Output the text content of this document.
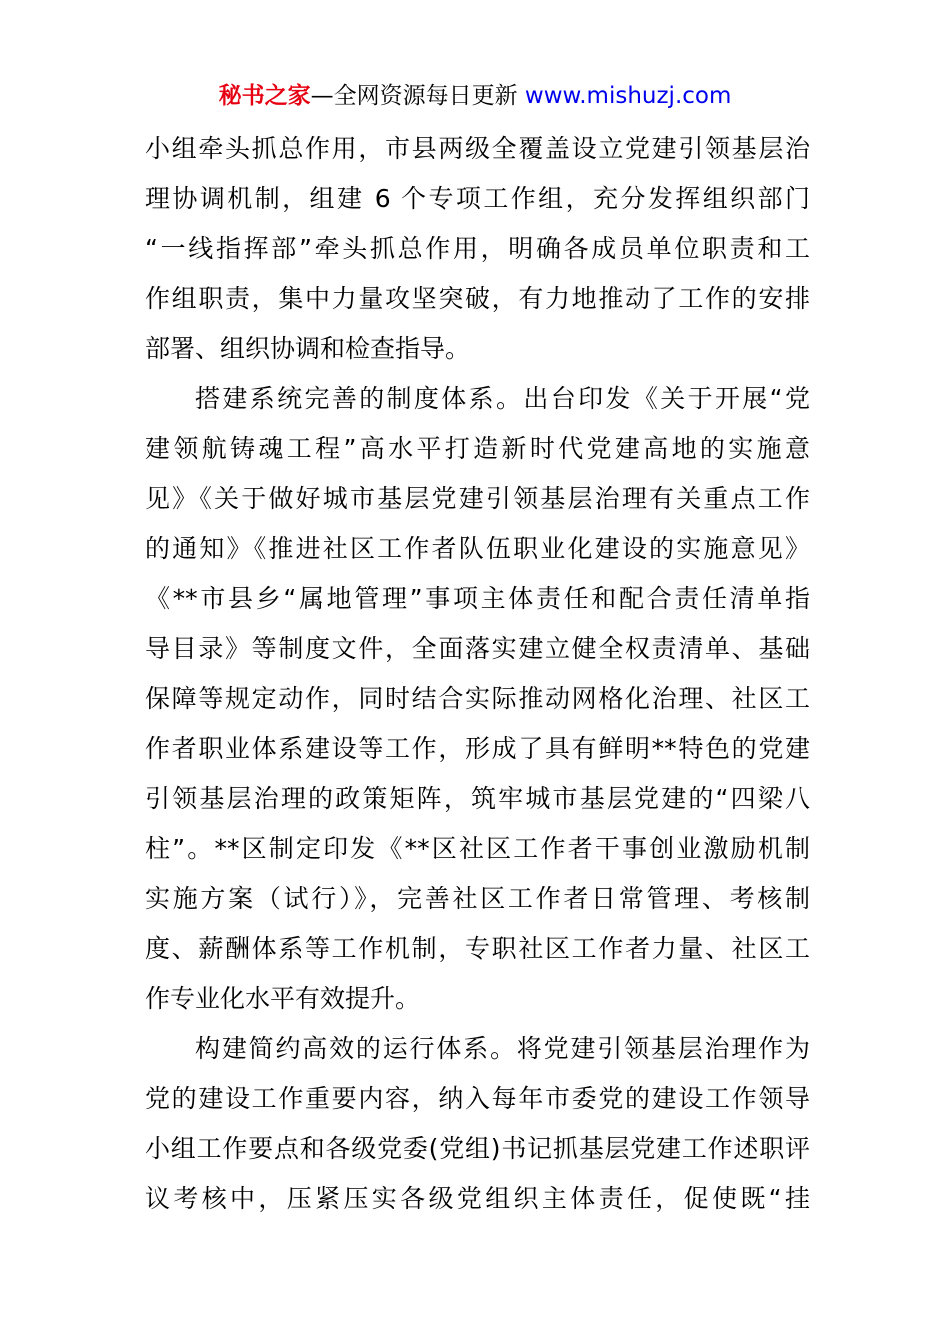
秘书之家—全网资源每日更新 www.mishuzj.com
小组牵头抓总作用，市县两级全覆盖设立党建引领基层治
理协调机制，组建 6 个专项工作组，充分发挥组织部门
“一线指挥部”牵头抓总作用，明确各成员单位职责和工
作组职责，集中力量攻坚突破，有力地推动了工作的安排
部署、组织协调和检查指导。
搭建系统完善的制度体系。出台印发《关于开展“党
建领航铸魂工程”高水平打造新时代党建高地的实施意
见》《关于做好城市基层党建引领基层治理有关重点工作
的通知》《推进社区工作者队伍职业化建设的实施意见》
《**市县乡“属地管理”事项主体责任和配合责任清单指
导目录》等制度文件，全面落实建立健全权责清单、基础
保障等规定动作，同时结合实际推动网格化治理、社区工
作者职业体系建设等工作，形成了具有鲜明**特色的党建
引领基层治理的政策矩阵，筑牢城市基层党建的“四梁八
柱”。**区制定印发《**区社区工作者干事创业激励机制
实施方案（试行）》，完善社区工作者日常管理、考核制
度、薪酬体系等工作机制，专职社区工作者力量、社区工
作专业化水平有效提升。
构建简约高效的运行体系。将党建引领基层治理作为
党的建设工作重要内容，纳入每年市委党的建设工作领导
小组工作要点和各级党委(党组)书记抓基层党建工作述职评
议考核中，压紧压实各级党组织主体责任，促使既“挂
